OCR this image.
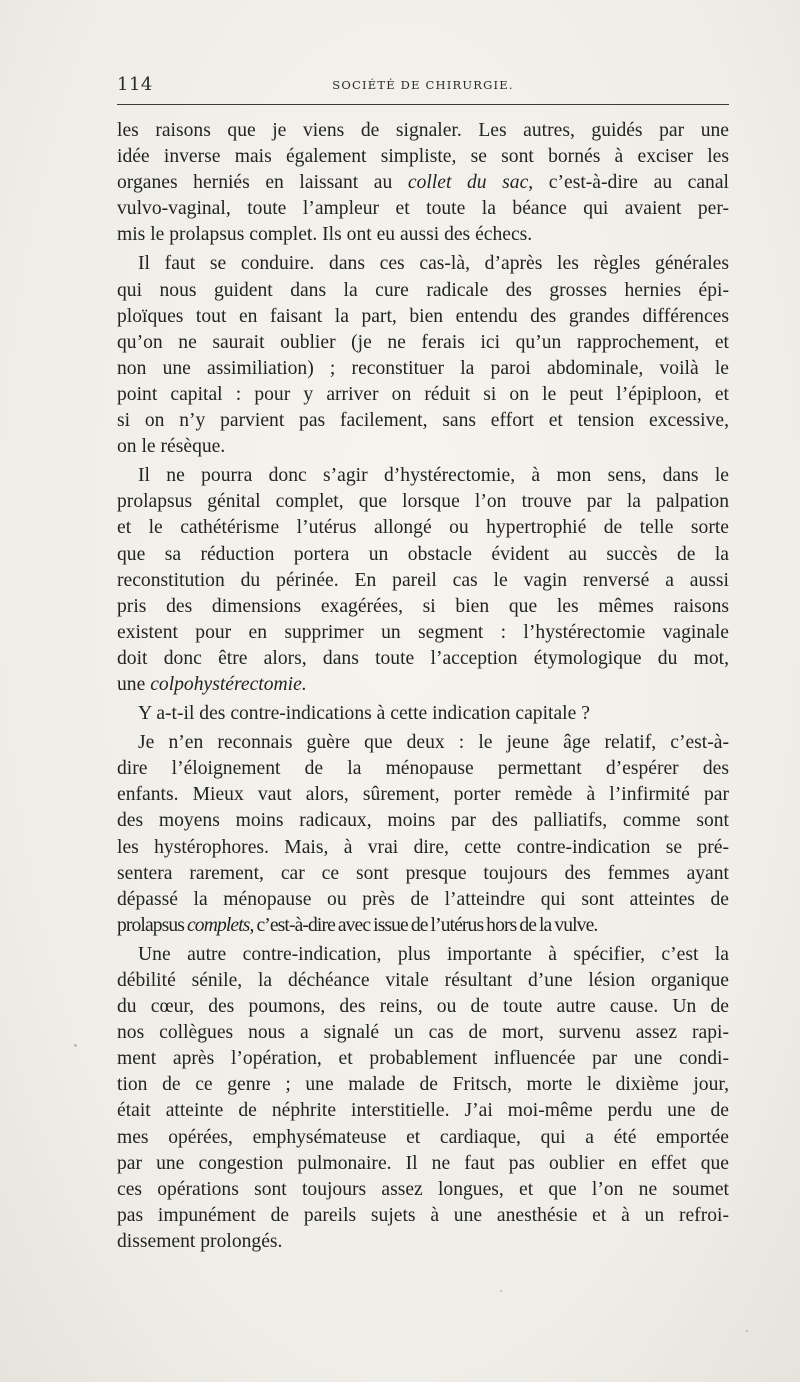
114	SOCIÉTÉ DE CHIRURGIE.
les raisons que je viens de signaler. Les autres, guidés par une
idée inverse mais également simpliste, se sont bornés à exciser les
organes herniés en laissant au collet du sac, c’est-à-dire au canal
vulvo-vaginal, toute l’ampleur et toute la béance qui avaient per-
mis le prolapsus complet. Ils ont eu aussi des échecs.
Il faut se conduire. dans ces cas-là, d’après les règles générales
qui nous guident dans la cure radicale des grosses hernies épi-
ploïques tout en faisant la part, bien entendu des grandes différences
qu’on ne saurait oublier (je ne ferais ici qu’un rapprochement, et
non une assimiliation) ; reconstituer la paroi abdominale, voilà le
point capital : pour y arriver on réduit si on le peut l’épiploon, et
si on n’y parvient pas facilement, sans effort et tension excessive,
on le résèque.
Il ne pourra donc s’agir d’hystérectomie, à mon sens, dans le
prolapsus génital complet, que lorsque l’on trouve par la palpation
et le cathétérisme l’utérus allongé ou hypertrophié de telle sorte
que sa réduction portera un obstacle évident au succès de la
reconstitution du périnée. En pareil cas le vagin renversé a aussi
pris des dimensions exagérées, si bien que les mêmes raisons
existent pour en supprimer un segment : l’hystérectomie vaginale
doit donc être alors, dans toute l’acception étymologique du mot,
une colpohystérectomie.
Y a-t-il des contre-indications à cette indication capitale ?
Je n’en reconnais guère que deux : le jeune âge relatif, c’est-à-
dire l’éloignement de la ménopause permettant d’espérer des
enfants. Mieux vaut alors, sûrement, porter remède à l’infirmité par
des moyens moins radicaux, moins par des palliatifs, comme sont
les hystérophores. Mais, à vrai dire, cette contre-indication se pré-
sentera rarement, car ce sont presque toujours des femmes ayant
dépassé la ménopause ou près de l’atteindre qui sont atteintes de
prolapsus complets, c’est-à-dire avec issue de l’utérus hors de la vulve.
Une autre contre-indication, plus importante à spécifier, c’est la
débilité sénile, la déchéance vitale résultant d’une lésion organique
du cœur, des poumons, des reins, ou de toute autre cause. Un de
nos collègues nous a signalé un cas de mort, survenu assez rapi-
ment après l’opération, et probablement influencée par une condi-
tion de ce genre ; une malade de Fritsch, morte le dixième jour,
était atteinte de néphrite interstitielle. J’ai moi-même perdu une de
mes opérées, emphysémateuse et cardiaque, qui a été emportée
par une congestion pulmonaire. Il ne faut pas oublier en effet que
ces opérations sont toujours assez longues, et que l’on ne soumet
pas impunément de pareils sujets à une anesthésie et à un refroi-
dissement prolongés.
